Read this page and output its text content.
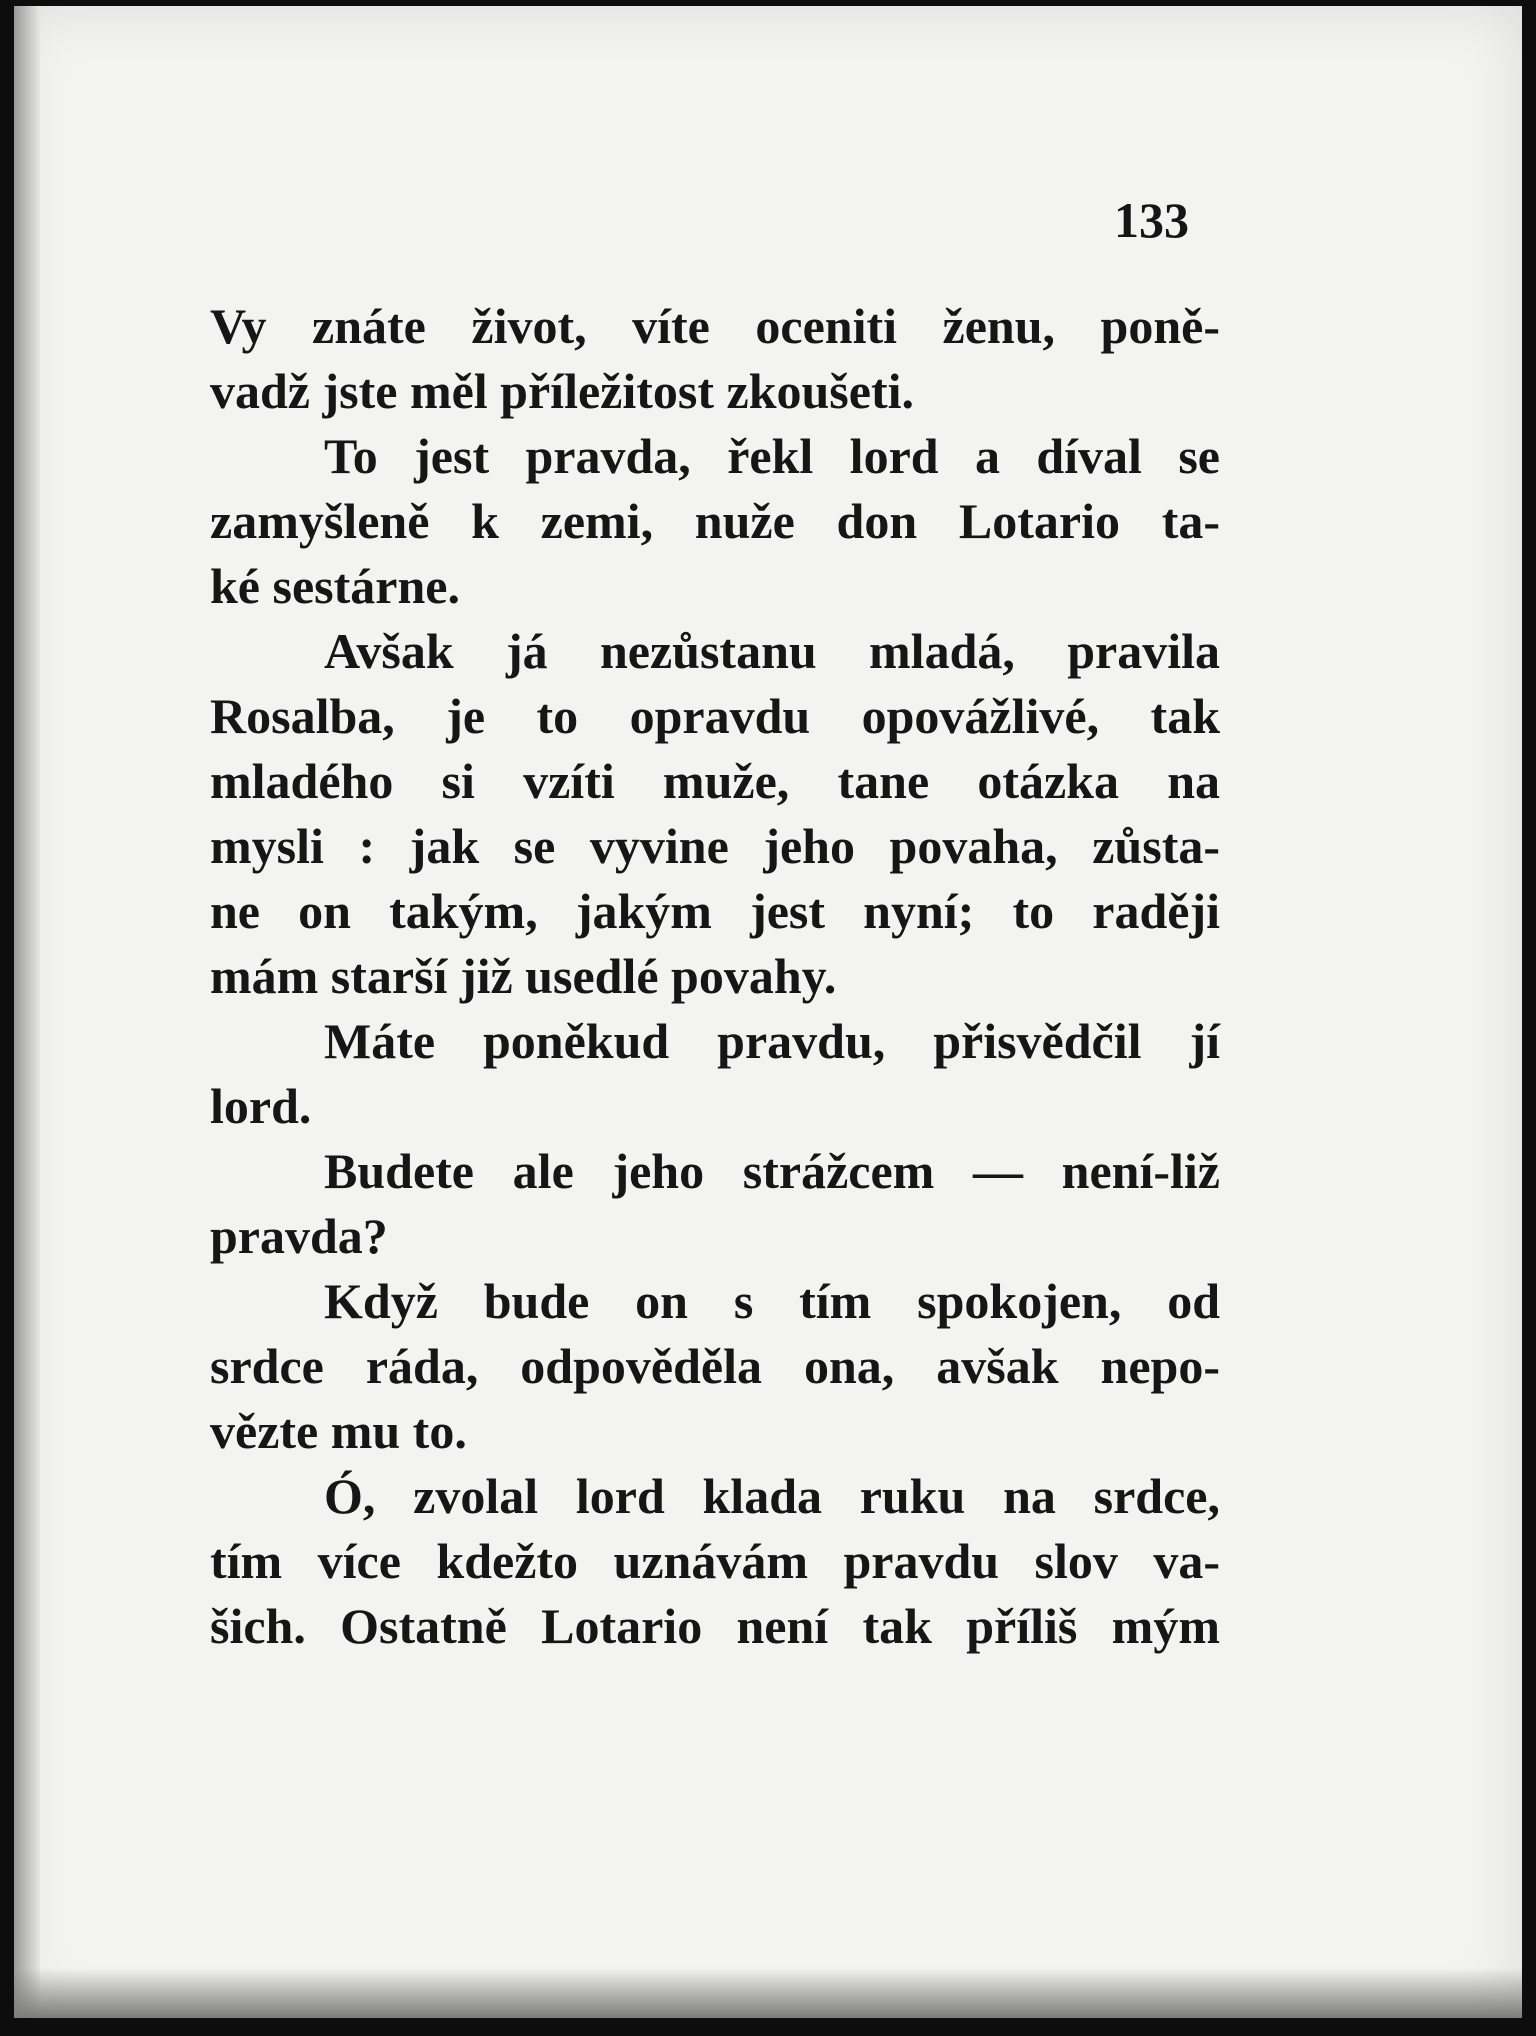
133
Vy znáte život, víte oceniti ženu, poně-
vadž jste měl příležitost zkoušeti.
To jest pravda, řekl lord a díval se
zamyšleně k zemi, nuže don Lotario ta-
ké sestárne.
Avšak já nezůstanu mladá, pravila
Rosalba, je to opravdu opovážlivé, tak
mladého si vzíti muže, tane otázka na
mysli : jak se vyvine jeho povaha, zůsta-
ne on takým, jakým jest nyní; to raději
mám starší již usedlé povahy.
Máte poněkud pravdu, přisvědčil jí
lord.
Budete ale jeho strážcem — není-liž
pravda?
Když bude on s tím spokojen, od
srdce ráda, odpověděla ona, avšak nepo-
vězte mu to.
Ó, zvolal lord klada ruku na srdce,
tím více kdežto uznávám pravdu slov va-
šich. Ostatně Lotario není tak příliš mým
